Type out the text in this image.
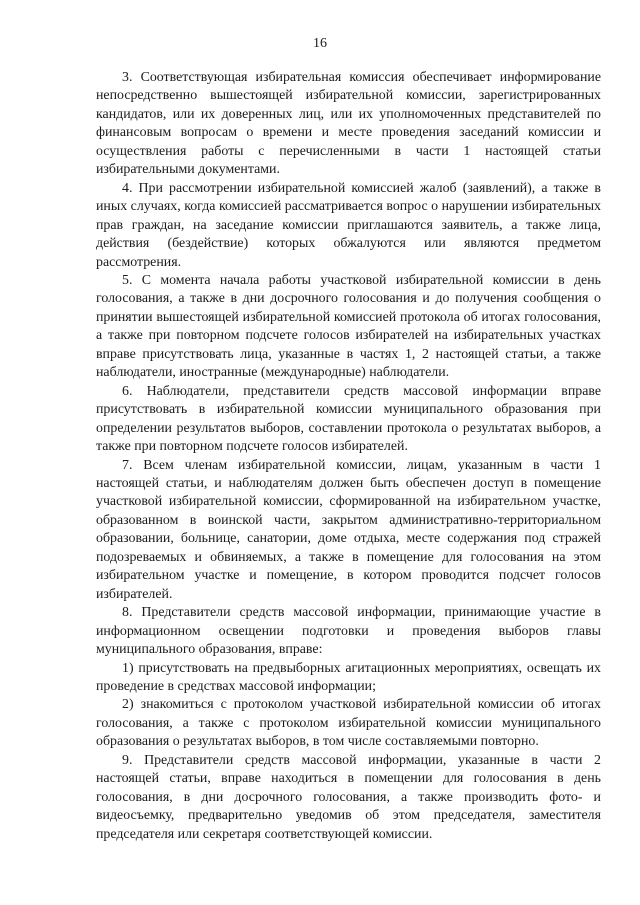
16

3. Соответствующая избирательная комиссия обеспечивает информирование непосредственно вышестоящей избирательной комиссии, зарегистрированных кандидатов, или их доверенных лиц, или их уполномоченных представителей по финансовым вопросам о времени и месте проведения заседаний комиссии и осуществления работы с перечисленными в части 1 настоящей статьи избирательными документами.

4. При рассмотрении избирательной комиссией жалоб (заявлений), а также в иных случаях, когда комиссией рассматривается вопрос о нарушении избирательных прав граждан, на заседание комиссии приглашаются заявитель, а также лица, действия (бездействие) которых обжалуются или являются предметом рассмотрения.

5. С момента начала работы участковой избирательной комиссии в день голосования, а также в дни досрочного голосования и до получения сообщения о принятии вышестоящей избирательной комиссией протокола об итогах голосования, а также при повторном подсчете голосов избирателей на избирательных участках вправе присутствовать лица, указанные в частях 1, 2 настоящей статьи, а также наблюдатели, иностранные (международные) наблюдатели.

6. Наблюдатели, представители средств массовой информации вправе присутствовать в избирательной комиссии муниципального образования при определении результатов выборов, составлении протокола о результатах выборов, а также при повторном подсчете голосов избирателей.

7. Всем членам избирательной комиссии, лицам, указанным в части 1 настоящей статьи, и наблюдателям должен быть обеспечен доступ в помещение участковой избирательной комиссии, сформированной на избирательном участке, образованном в воинской части, закрытом административно-территориальном образовании, больнице, санатории, доме отдыха, месте содержания под стражей подозреваемых и обвиняемых, а также в помещение для голосования на этом избирательном участке и помещение, в котором проводится подсчет голосов избирателей.

8. Представители средств массовой информации, принимающие участие в информационном освещении подготовки и проведения выборов главы муниципального образования, вправе:

1) присутствовать на предвыборных агитационных мероприятиях, освещать их проведение в средствах массовой информации;

2) знакомиться с протоколом участковой избирательной комиссии об итогах голосования, а также с протоколом избирательной комиссии муниципального образования о результатах выборов, в том числе составляемыми повторно.

9. Представители средств массовой информации, указанные в части 2 настоящей статьи, вправе находиться в помещении для голосования в день голосования, в дни досрочного голосования, а также производить фото- и видеосъемку, предварительно уведомив об этом председателя, заместителя председателя или секретаря соответствующей комиссии.
